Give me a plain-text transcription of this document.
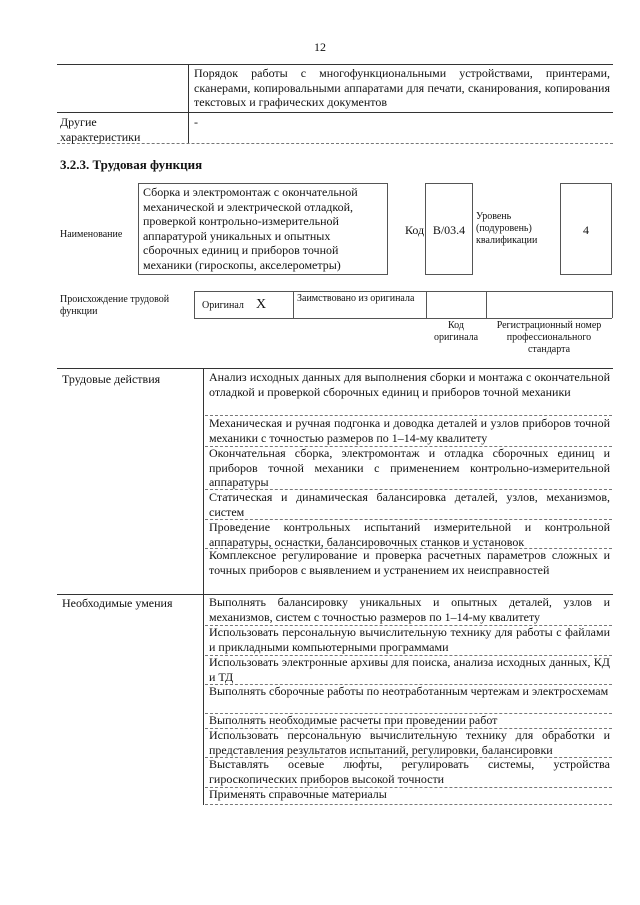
12
Порядок работы с многофункциональными устройствами, принтерами, сканерами, копировальными аппаратами для печати, сканирования, копирования текстовых и графических документов
Другие характеристики
-
3.2.3. Трудовая функция
Наименование
Сборка и электромонтаж с окончательной механической и электрической отладкой, проверкой контрольно-измерительной аппаратурой уникальных и опытных сборочных единиц и приборов точной механики (гироскопы, акселерометры)
Код B/03.4
Уровень (подуровень) квалификации
4
Происхождение трудовой функции
Оригинал X	Заимствовано из оригинала
Код оригинала
Регистрационный номер профессионального стандарта
Трудовые действия
Необходимые умения
Анализ исходных данных для выполнения сборки и монтажа с окончательной отладкой и проверкой сборочных единиц и приборов точной механики
Механическая и ручная подгонка и доводка деталей и узлов приборов точной механики с точностью размеров по 1–14-му квалитету
Окончательная сборка, электромонтаж и отладка сборочных единиц и приборов точной механики с применением контрольно-измерительной аппаратуры
Статическая и динамическая балансировка деталей, узлов, механизмов, систем
Проведение контрольных испытаний измерительной и контрольной аппаратуры, оснастки, балансировочных станков и установок
Комплексное регулирование и проверка расчетных параметров сложных и точных приборов с выявлением и устранением их неисправностей
Выполнять балансировку уникальных и опытных деталей, узлов и механизмов, систем с точностью размеров по 1–14-му квалитету
Использовать персональную вычислительную технику для работы с файлами и прикладными компьютерными программами
Использовать электронные архивы для поиска, анализа исходных данных, КД и ТД
Выполнять сборочные работы по неотработанным чертежам и электросхемам
Выполнять необходимые расчеты при проведении работ
Использовать персональную вычислительную технику для обработки и представления результатов испытаний, регулировки, балансировки
Выставлять осевые люфты, регулировать системы, устройства гироскопических приборов высокой точности
Применять справочные материалы
